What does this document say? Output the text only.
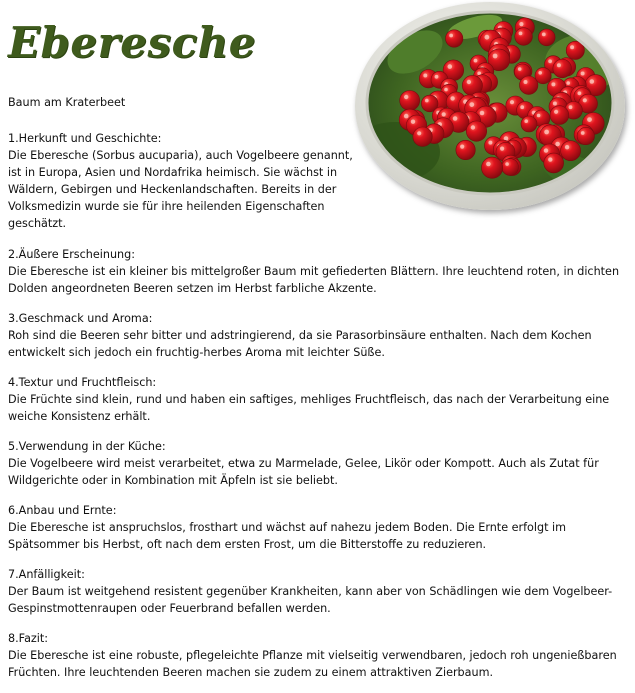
Eberesche

Baum am Kraterbeet

1.Herkunft und Geschichte:
Die Eberesche (Sorbus aucuparia), auch Vogelbeere genannt, ist in Europa, Asien und Nordafrika heimisch. Sie wächst in Wäldern, Gebirgen und Heckenlandschaften. Bereits in der Volksmedizin wurde sie für ihre heilenden Eigenschaften geschätzt.
2.Äußere Erscheinung:
Die Eberesche ist ein kleiner bis mittelgroßer Baum mit gefiederten Blättern. Ihre leuchtend roten, in dichten Dolden angeordneten Beeren setzen im Herbst farbliche Akzente.
3.Geschmack und Aroma:
Roh sind die Beeren sehr bitter und adstringierend, da sie Parasorbinsäure enthalten. Nach dem Kochen entwickelt sich jedoch ein fruchtig-herbes Aroma mit leichter Süße.
4.Textur und Fruchtfleisch:
Die Früchte sind klein, rund und haben ein saftiges, mehliges Fruchtfleisch, das nach der Verarbeitung eine weiche Konsistenz erhält.
5.Verwendung in der Küche:
Die Vogelbeere wird meist verarbeitet, etwa zu Marmelade, Gelee, Likör oder Kompott. Auch als Zutat für Wildgerichte oder in Kombination mit Äpfeln ist sie beliebt.
6.Anbau und Ernte:
Die Eberesche ist anspruchslos, frosthart und wächst auf nahezu jedem Boden. Die Ernte erfolgt im Spätsommer bis Herbst, oft nach dem ersten Frost, um die Bitterstoffe zu reduzieren.
7.Anfälligkeit:
Der Baum ist weitgehend resistent gegenüber Krankheiten, kann aber von Schädlingen wie dem Vogelbeer-Gespinstmottenraupen oder Feuerbrand befallen werden.
8.Fazit:
Die Eberesche ist eine robuste, pflegeleichte Pflanze mit vielseitig verwendbaren, jedoch roh ungenießbaren Früchten. Ihre leuchtenden Beeren machen sie zudem zu einem attraktiven Zierbaum.
